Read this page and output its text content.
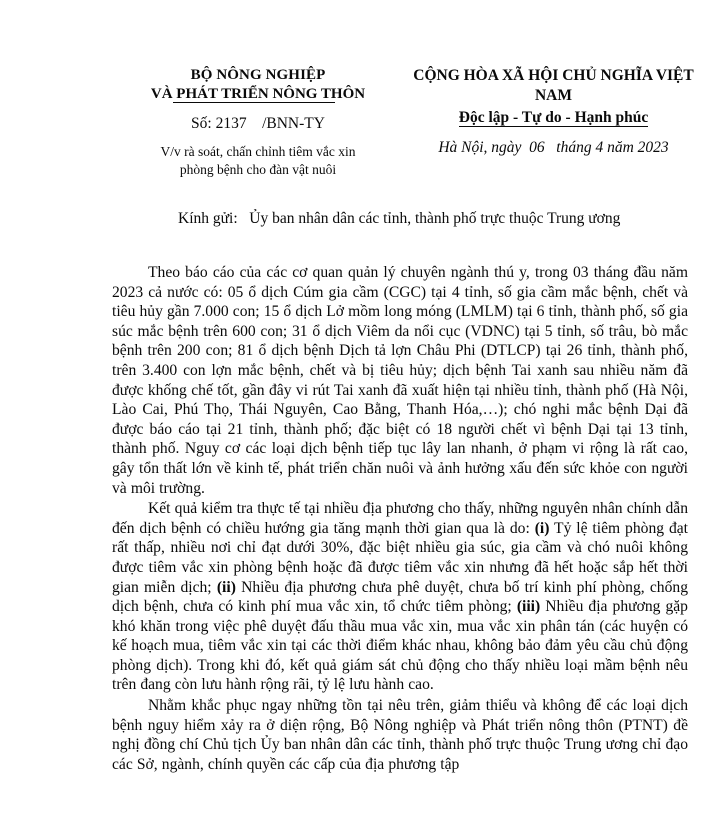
BỘ NÔNG NGHIỆP
VÀ PHÁT TRIỂN NÔNG THÔN
Số: 2137    /BNN-TY
V/v rà soát, chấn chỉnh tiêm vắc xin
phòng bệnh cho đàn vật nuôi
CỘNG HÒA XÃ HỘI CHỦ NGHĨA VIỆT NAM
Độc lập - Tự do - Hạnh phúc
Hà Nội, ngày  06   tháng 4 năm 2023
Kính gửi:   Ủy ban nhân dân các tỉnh, thành phố trực thuộc Trung ương

Theo báo cáo của các cơ quan quản lý chuyên ngành thú y, trong 03 tháng đầu năm 2023 cả nước có: 05 ổ dịch Cúm gia cầm (CGC) tại 4 tỉnh, số gia cầm mắc bệnh, chết và tiêu hủy gần 7.000 con; 15 ổ dịch Lở mồm long móng (LMLM) tại 6 tỉnh, thành phố, số gia súc mắc bệnh trên 600 con; 31 ổ dịch Viêm da nổi cục (VDNC) tại 5 tỉnh, số trâu, bò mắc bệnh trên 200 con; 81 ổ dịch bệnh Dịch tả lợn Châu Phi (DTLCP) tại 26 tỉnh, thành phố, trên 3.400 con lợn mắc bệnh, chết và bị tiêu hủy; dịch bệnh Tai xanh sau nhiều năm đã được khống chế tốt, gần đây vi rút Tai xanh đã xuất hiện tại nhiều tỉnh, thành phố (Hà Nội, Lào Cai, Phú Thọ, Thái Nguyên, Cao Bằng, Thanh Hóa,…); chó nghi mắc bệnh Dại đã được báo cáo tại 21 tỉnh, thành phố; đặc biệt có 18 người chết vì bệnh Dại tại 13 tỉnh, thành phố. Nguy cơ các loại dịch bệnh tiếp tục lây lan nhanh, ở phạm vi rộng là rất cao, gây tổn thất lớn về kinh tế, phát triển chăn nuôi và ảnh hưởng xấu đến sức khỏe con người và môi trường.

Kết quả kiểm tra thực tế tại nhiều địa phương cho thấy, những nguyên nhân chính dẫn đến dịch bệnh có chiều hướng gia tăng mạnh thời gian qua là do: (i) Tỷ lệ tiêm phòng đạt rất thấp, nhiều nơi chỉ đạt dưới 30%, đặc biệt nhiều gia súc, gia cầm và chó nuôi không được tiêm vắc xin phòng bệnh hoặc đã được tiêm vắc xin nhưng đã hết hoặc sắp hết thời gian miễn dịch; (ii) Nhiều địa phương chưa phê duyệt, chưa bố trí kinh phí phòng, chống dịch bệnh, chưa có kinh phí mua vắc xin, tổ chức tiêm phòng; (iii) Nhiều địa phương gặp khó khăn trong việc phê duyệt đấu thầu mua vắc xin, mua vắc xin phân tán (các huyện có kế hoạch mua, tiêm vắc xin tại các thời điểm khác nhau, không bảo đảm yêu cầu chủ động phòng dịch). Trong khi đó, kết quả giám sát chủ động cho thấy nhiều loại mầm bệnh nêu trên đang còn lưu hành rộng rãi, tỷ lệ lưu hành cao.

Nhằm khắc phục ngay những tồn tại nêu trên, giảm thiểu và không để các loại dịch bệnh nguy hiểm xảy ra ở diện rộng, Bộ Nông nghiệp và Phát triển nông thôn (PTNT) đề nghị đồng chí Chủ tịch Ủy ban nhân dân các tỉnh, thành phố trực thuộc Trung ương chỉ đạo các Sở, ngành, chính quyền các cấp của địa phương tập
